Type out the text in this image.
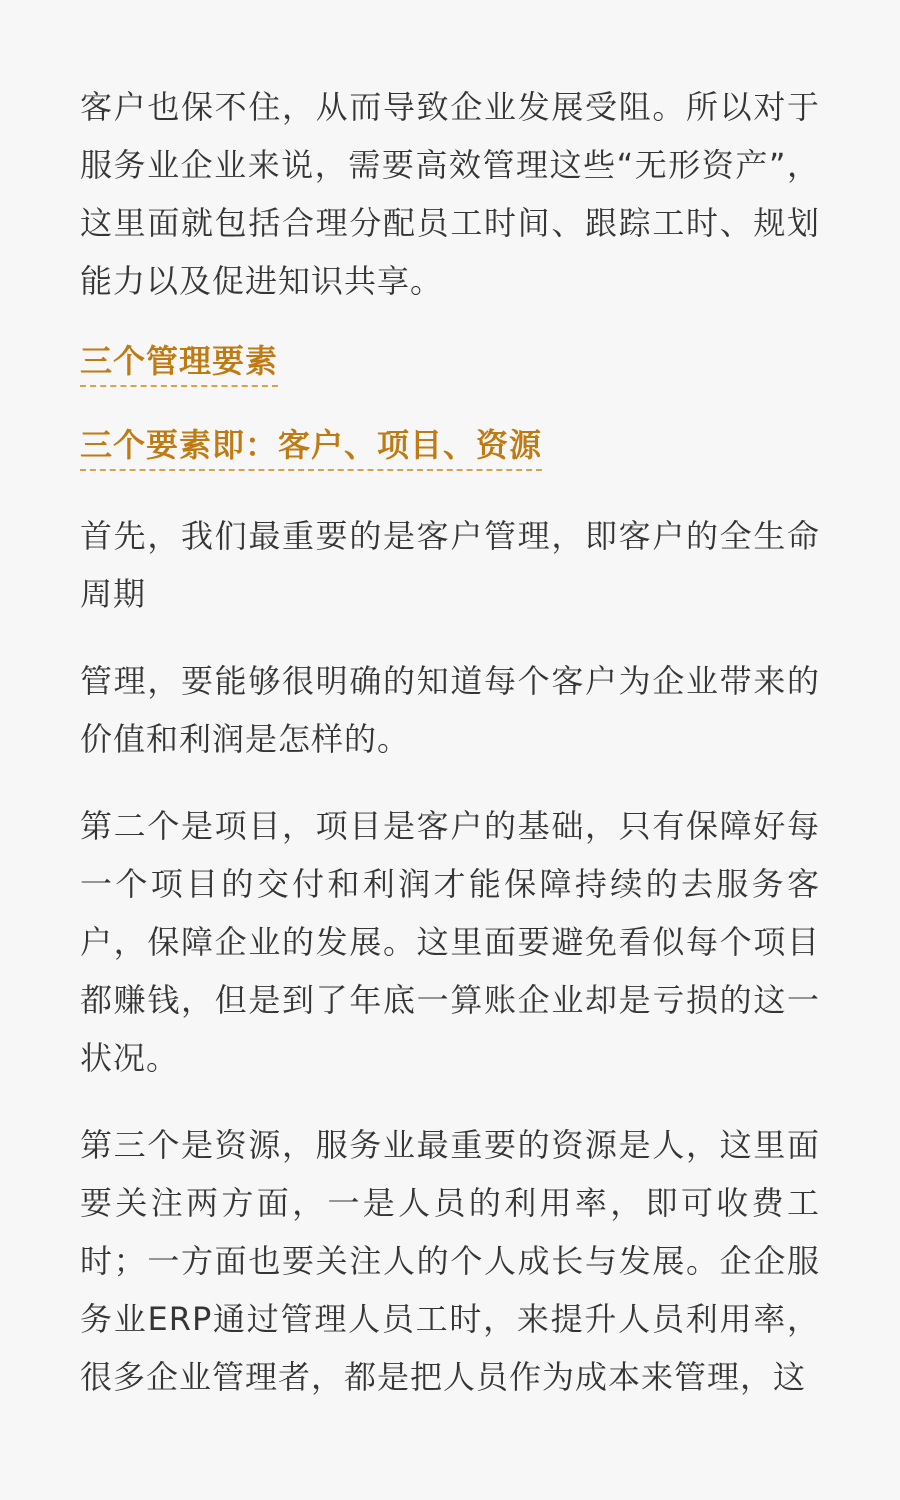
客户也保不住，从而导致企业发展受阻。所以对于服务业企业来说，需要高效管理这些“无形资产”，这里面就包括合理分配员工时间、跟踪工时、规划能力以及促进知识共享。

三个管理要素
三个要素即：客户、项目、资源

首先，我们最重要的是客户管理，即客户的全生命周期

管理，要能够很明确的知道每个客户为企业带来的价值和利润是怎样的。

第二个是项目，项目是客户的基础，只有保障好每一个项目的交付和利润才能保障持续的去服务客户，保障企业的发展。这里面要避免看似每个项目都赚钱，但是到了年底一算账企业却是亏损的这一状况。

第三个是资源，服务业最重要的资源是人，这里面要关注两方面，一是人员的利用率，即可收费工时；一方面也要关注人的个人成长与发展。企企服务业ERP通过管理人员工时，来提升人员利用率，很多企业管理者，都是把人员作为成本来管理，这
